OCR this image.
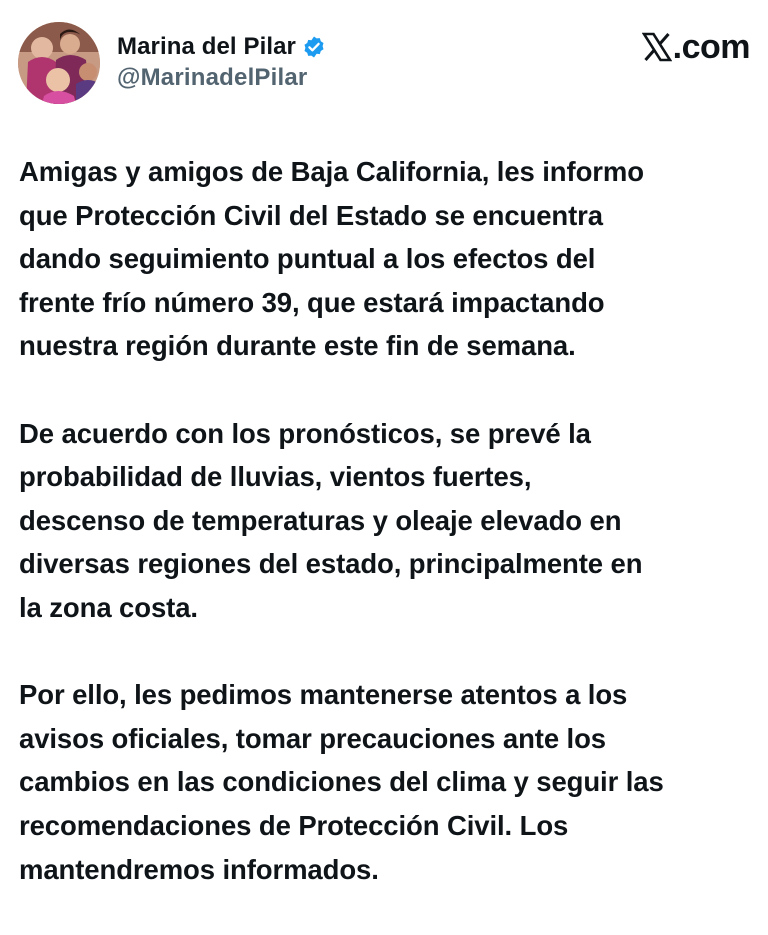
Marina del Pilar
@MarinadelPilar
.com

Amigas y amigos de Baja California, les informo
que Protección Civil del Estado se encuentra
dando seguimiento puntual a los efectos del
frente frío número 39, que estará impactando
nuestra región durante este fin de semana.

De acuerdo con los pronósticos, se prevé la
probabilidad de lluvias, vientos fuertes,
descenso de temperaturas y oleaje elevado en
diversas regiones del estado, principalmente en
la zona costa.

Por ello, les pedimos mantenerse atentos a los
avisos oficiales, tomar precauciones ante los
cambios en las condiciones del clima y seguir las
recomendaciones de Protección Civil. Los
mantendremos informados.
